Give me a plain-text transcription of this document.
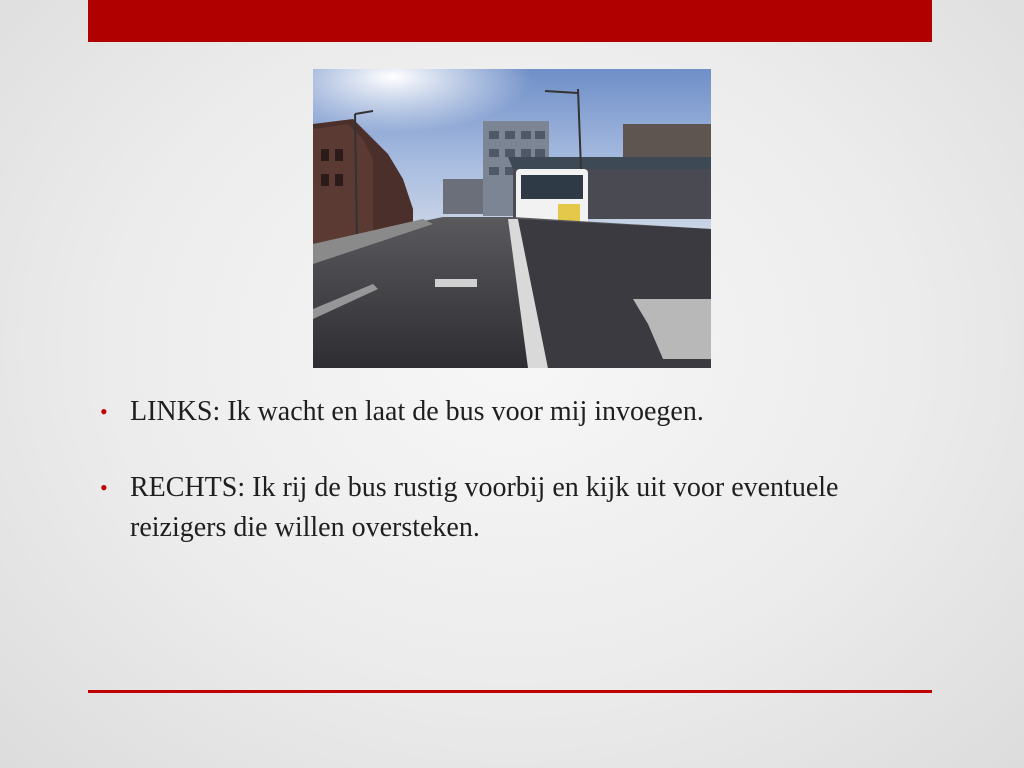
• LINKS: Ik wacht en laat de bus voor mij invoegen.
• RECHTS: Ik rij de bus rustig voorbij en kijk uit voor eventuele reizigers die willen oversteken.
